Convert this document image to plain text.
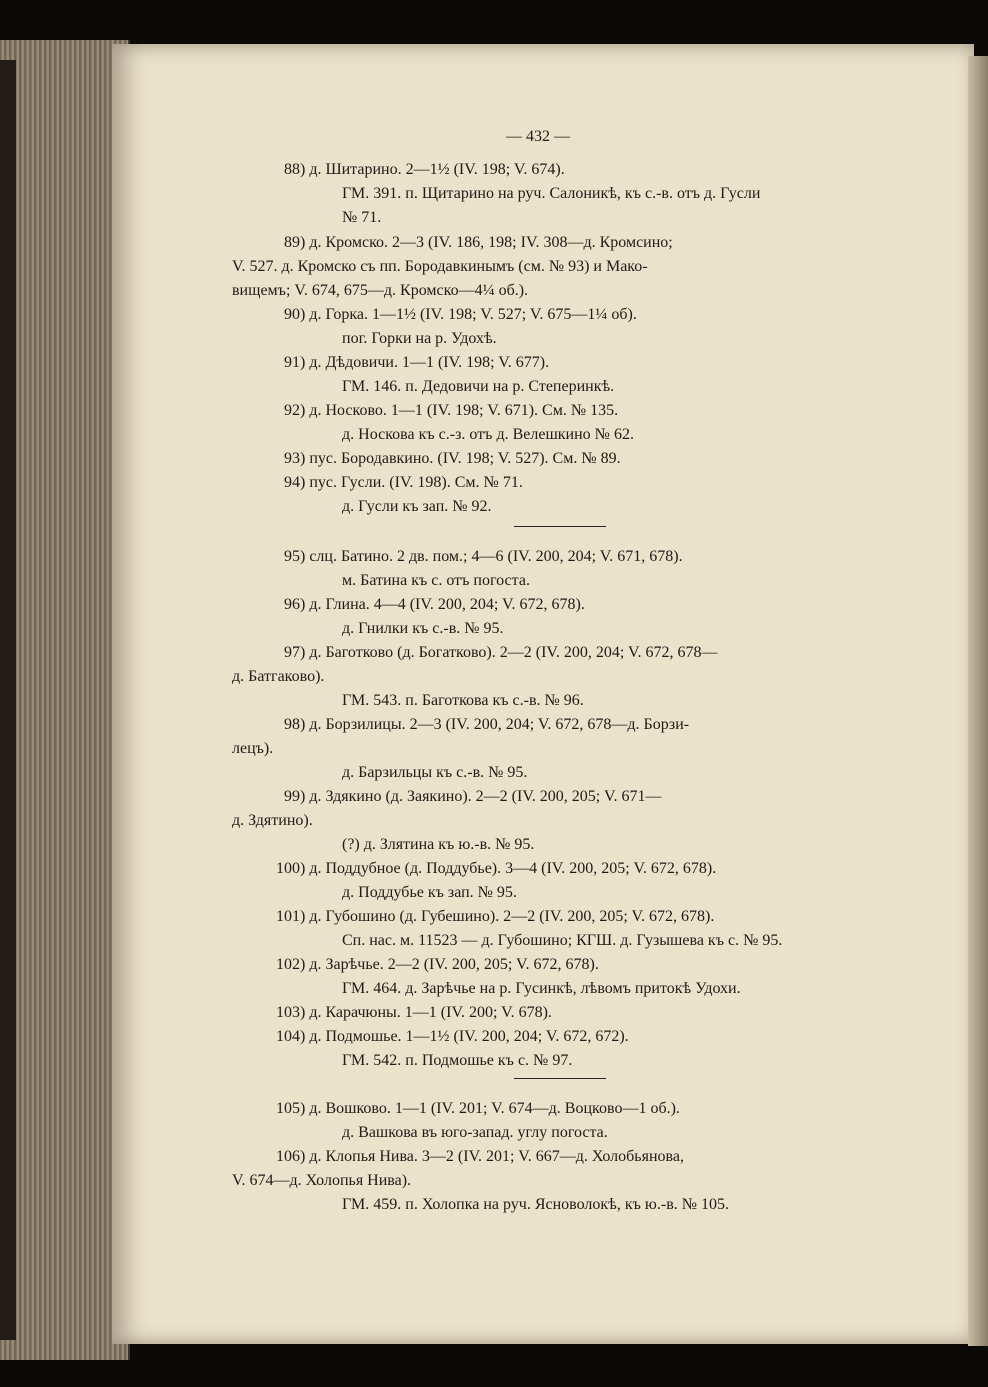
— 432 —
88) д. Шитарино. 2—1½ (IV. 198; V. 674).
ГМ. 391. п. Щитарино на руч. Салоникѣ, къ с.-в. отъ д. Гусли
№ 71.
89) д. Кромско. 2—3 (IV. 186, 198; IV. 308—д. Кромсино;
V. 527. д. Кромско съ пп. Бородавкинымъ (см. № 93) и Мако-
вищемъ; V. 674, 675—д. Кромско—4¼ об.).
90) д. Горка. 1—1½ (IV. 198; V. 527; V. 675—1¼ об).
пог. Горки на р. Удохѣ.
91) д. Дѣдовичи. 1—1 (IV. 198; V. 677).
ГМ. 146. п. Дедовичи на р. Степеринкѣ.
92) д. Носково. 1—1 (IV. 198; V. 671). См. № 135.
д. Носкова къ с.-з. отъ д. Велешкино № 62.
93) пус. Бородавкино. (IV. 198; V. 527). См. № 89.
94) пус. Гусли. (IV. 198). См. № 71.
д. Гусли къ зап. № 92.
95) слц. Батино. 2 дв. пом.; 4—6 (IV. 200, 204; V. 671, 678).
м. Батина къ с. отъ погоста.
96) д. Глина. 4—4 (IV. 200, 204; V. 672, 678).
д. Гнилки къ с.-в. № 95.
97) д. Баготково (д. Богатково). 2—2 (IV. 200, 204; V. 672, 678—
д. Батгаково).
ГМ. 543. п. Баготкова къ с.-в. № 96.
98) д. Борзилицы. 2—3 (IV. 200, 204; V. 672, 678—д. Борзи-
лецъ).
д. Барзильцы къ с.-в. № 95.
99) д. Здякино (д. Заякино). 2—2 (IV. 200, 205; V. 671—
д. Здятино).
(?) д. Злятина къ ю.-в. № 95.
100) д. Поддубное (д. Поддубье). 3—4 (IV. 200, 205; V. 672, 678).
д. Поддубье къ зап. № 95.
101) д. Губошино (д. Губешино). 2—2 (IV. 200, 205; V. 672, 678).
Сп. нас. м. 11523 — д. Губошино; КГШ. д. Гузышева къ с. № 95.
102) д. Зарѣчье. 2—2 (IV. 200, 205; V. 672, 678).
ГМ. 464. д. Зарѣчье на р. Гусинкѣ, лѣвомъ притокѣ Удохи.
103) д. Карачюны. 1—1 (IV. 200; V. 678).
104) д. Подмошье. 1—1½ (IV. 200, 204; V. 672, 672).
ГМ. 542. п. Подмошье къ с. № 97.
105) д. Вошково. 1—1 (IV. 201; V. 674—д. Воцково—1 об.).
д. Вашкова въ юго-запад. углу погоста.
106) д. Клопья Нива. 3—2 (IV. 201; V. 667—д. Холобьянова,
V. 674—д. Холопья Нива).
ГМ. 459. п. Холопка на руч. Ясноволокѣ, къ ю.-в. № 105.
